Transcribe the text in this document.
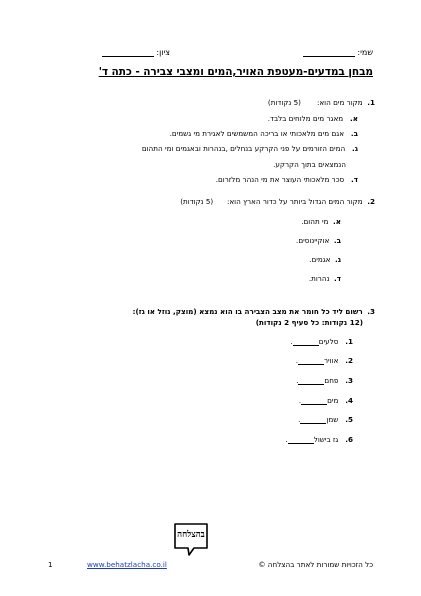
שמי:
ציון:
מבחן במדעים-מעטפת האויר,המים ומצבי צבירה - כתה ד'
1.  מקור מים הוא:       (5 נקודות)
א.   מאגר מים מלוחים בלבד.
ב.   אגם מים מלאכותי או בריכה המשמשים לאגירת מי גשמים.
ג.   המים הזורמים על פני הקרקע בנחלים ,בנהרות ובאגמים ומי התהום
הנמצאים בתוך הקרקע.
ד.   סכר מלאכותי העוצר את מי הנהר מלזרום.
2.  מקור המים הגדול ביותר על כדור הארץ הוא:      (5 נקודות)
א.  מי תהום.
ב.  אוקיינוסים.
ג.  אגמים.
ד.  נהרות.
3.  רשום ליד כל חומר את מצב הצבירה בו הוא נמצא (מוצק, נוזל או גז):
(12 נקודות: כל סעיף 2 נקודות)
1.   סלעים.
2.   אוויר.
3.   פחם.
4.   מים.
5.   שמן.
6.   גז בישול.
בהצלחה
1	www.behatzlacha.co.il	כל הזכויות שמורות לאתר בהצלחה ©
